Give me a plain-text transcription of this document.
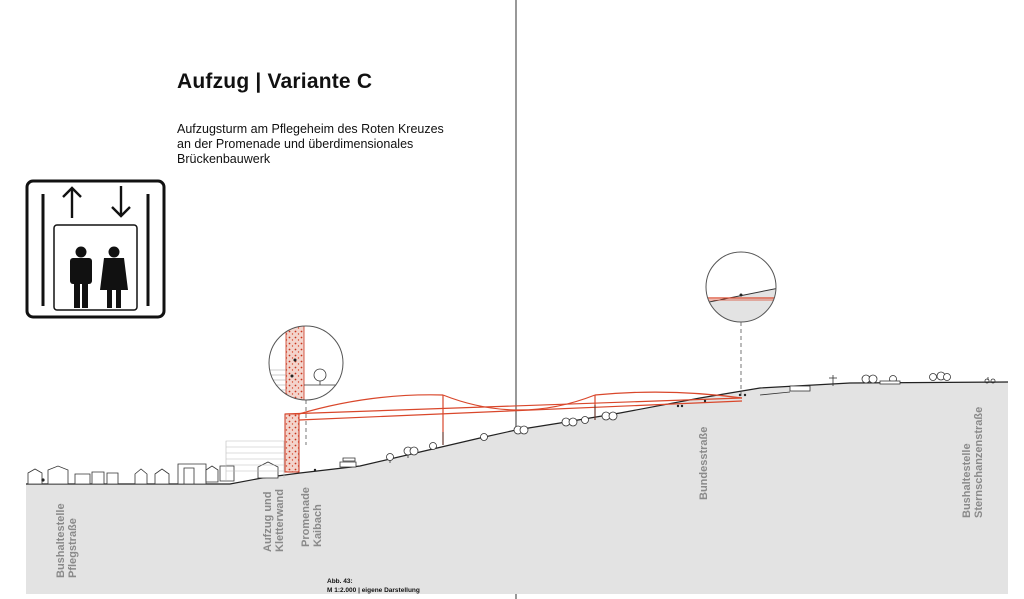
Aufzug | Variante C
Aufzugsturm am Pflegeheim des Roten Kreuzes
an der Promenade und überdimensionales
Brückenbauwerk
Bushaltestelle Pflegstraße	Aufzug und Kletterwand Promenade Kaibach
Bundesstraße	Bushaltestelle Sternschanzenstraße
Abb. 43:
M 1:2.000 | eigene Darstellung
